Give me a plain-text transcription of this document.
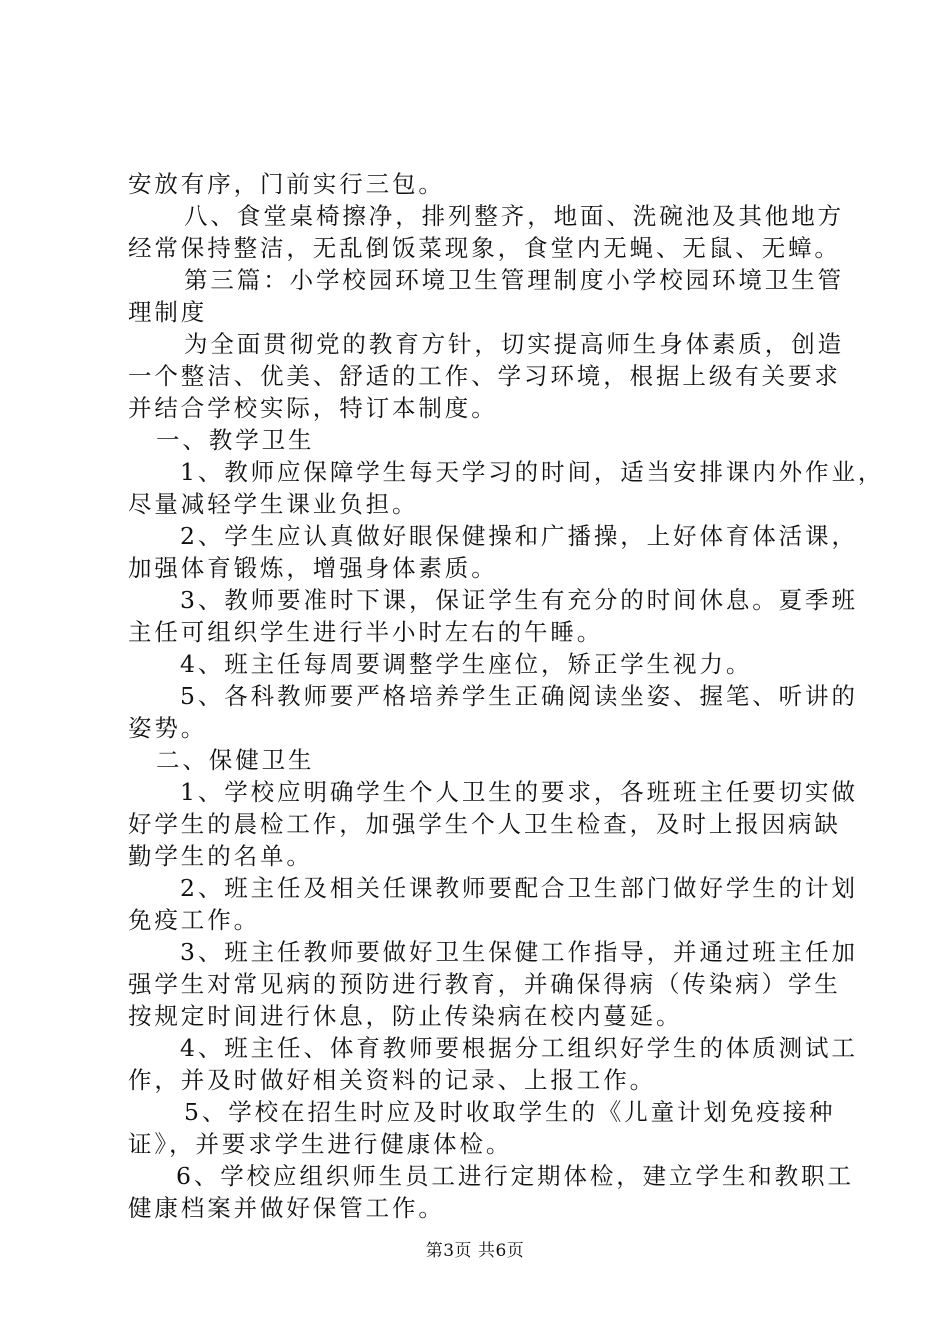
安放有序，门前实行三包。
八、食堂桌椅擦净，排列整齐，地面、洗碗池及其他地方
经常保持整洁，无乱倒饭菜现象，食堂内无蝇、无鼠、无蟑。
第三篇：小学校园环境卫生管理制度小学校园环境卫生管
理制度
为全面贯彻党的教育方针，切实提高师生身体素质，创造
一个整洁、优美、舒适的工作、学习环境，根据上级有关要求
并结合学校实际，特订本制度。
一、教学卫生
1、教师应保障学生每天学习的时间，适当安排课内外作业，
尽量减轻学生课业负担。
2、学生应认真做好眼保健操和广播操，上好体育体活课，
加强体育锻炼，增强身体素质。
3、教师要准时下课，保证学生有充分的时间休息。夏季班
主任可组织学生进行半小时左右的午睡。
4、班主任每周要调整学生座位，矫正学生视力。
5、各科教师要严格培养学生正确阅读坐姿、握笔、听讲的
姿势。
二、保健卫生
1、学校应明确学生个人卫生的要求，各班班主任要切实做
好学生的晨检工作，加强学生个人卫生检查，及时上报因病缺
勤学生的名单。
2、班主任及相关任课教师要配合卫生部门做好学生的计划
免疫工作。
3、班主任教师要做好卫生保健工作指导，并通过班主任加
强学生对常见病的预防进行教育，并确保得病（传染病）学生
按规定时间进行休息，防止传染病在校内蔓延。
4、班主任、体育教师要根据分工组织好学生的体质测试工
作，并及时做好相关资料的记录、上报工作。
5、学校在招生时应及时收取学生的《儿童计划免疫接种
证》，并要求学生进行健康体检。
6、学校应组织师生员工进行定期体检，建立学生和教职工
健康档案并做好保管工作。
第3页 共6页
